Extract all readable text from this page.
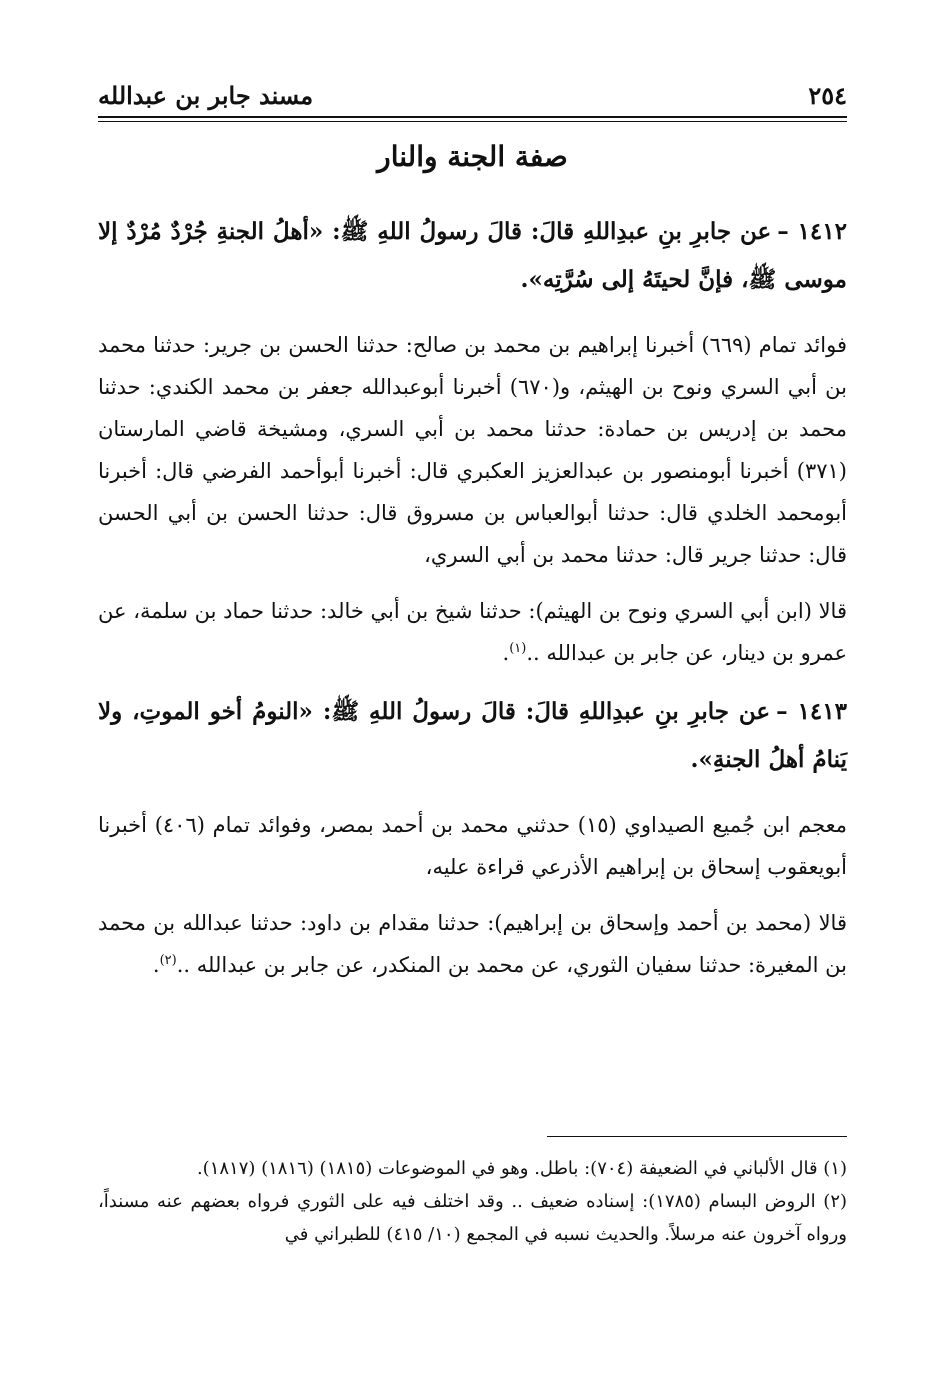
٢٥٤
مسند جابر بن عبدالله
صفة الجنة والنار

١٤١٢ –عن جابرِ بنِ عبدِاللهِ قالَ: قالَ رسولُ اللهِ ﷺ: «أهلُ الجنةِ جُرْدٌ مُرْدٌ إلا موسى ﷺ، فإنَّ لحيتَهُ إلى سُرَّتِه».

فوائد تمام (٦٦٩) أخبرنا إبراهيم بن محمد بن صالح: حدثنا الحسن بن جرير: حدثنا محمد بن أبي السري ونوح بن الهيثم، و(٦٧٠) أخبرنا أبوعبدالله جعفر بن محمد الكندي: حدثنا محمد بن إدريس بن حمادة: حدثنا محمد بن أبي السري، ومشيخة قاضي المارستان (٣٧١) أخبرنا أبومنصور بن عبدالعزيز العكبري قال: أخبرنا أبوأحمد الفرضي قال: أخبرنا أبومحمد الخلدي قال: حدثنا أبوالعباس بن مسروق قال: حدثنا الحسن بن أبي الحسن قال: حدثنا جرير قال: حدثنا محمد بن أبي السري،

قالا (ابن أبي السري ونوح بن الهيثم): حدثنا شيخ بن أبي خالد: حدثنا حماد بن سلمة، عن عمرو بن دينار، عن جابر بن عبدالله ..$^{(١)}$.

١٤١٣ –عن جابرِ بنِ عبدِاللهِ قالَ: قالَ رسولُ اللهِ ﷺ: «النومُ أخو الموتِ، ولا يَنامُ أهلُ الجنةِ».

معجم ابن جُميع الصيداوي (١٥) حدثني محمد بن أحمد بمصر، وفوائد تمام (٤٠٦) أخبرنا أبويعقوب إسحاق بن إبراهيم الأذرعي قراءة عليه،

قالا (محمد بن أحمد وإسحاق بن إبراهيم): حدثنا مقدام بن داود: حدثنا عبدالله بن محمد بن المغيرة: حدثنا سفيان الثوري، عن محمد بن المنكدر، عن جابر بن عبدالله ..$^{(٢)}$.

(١) قال الألباني في الضعيفة (٧٠٤): باطل. وهو في الموضوعات (١٨١٥) (١٨١٦) (١٨١٧).

(٢) الروض البسام (١٧٨٥): إسناده ضعيف .. وقد اختلف فيه على الثوري فرواه بعضهم عنه مسنداً، ورواه آخرون عنه مرسلاً. والحديث نسبه في المجمع (١٠/ ٤١٥) للطبراني في
